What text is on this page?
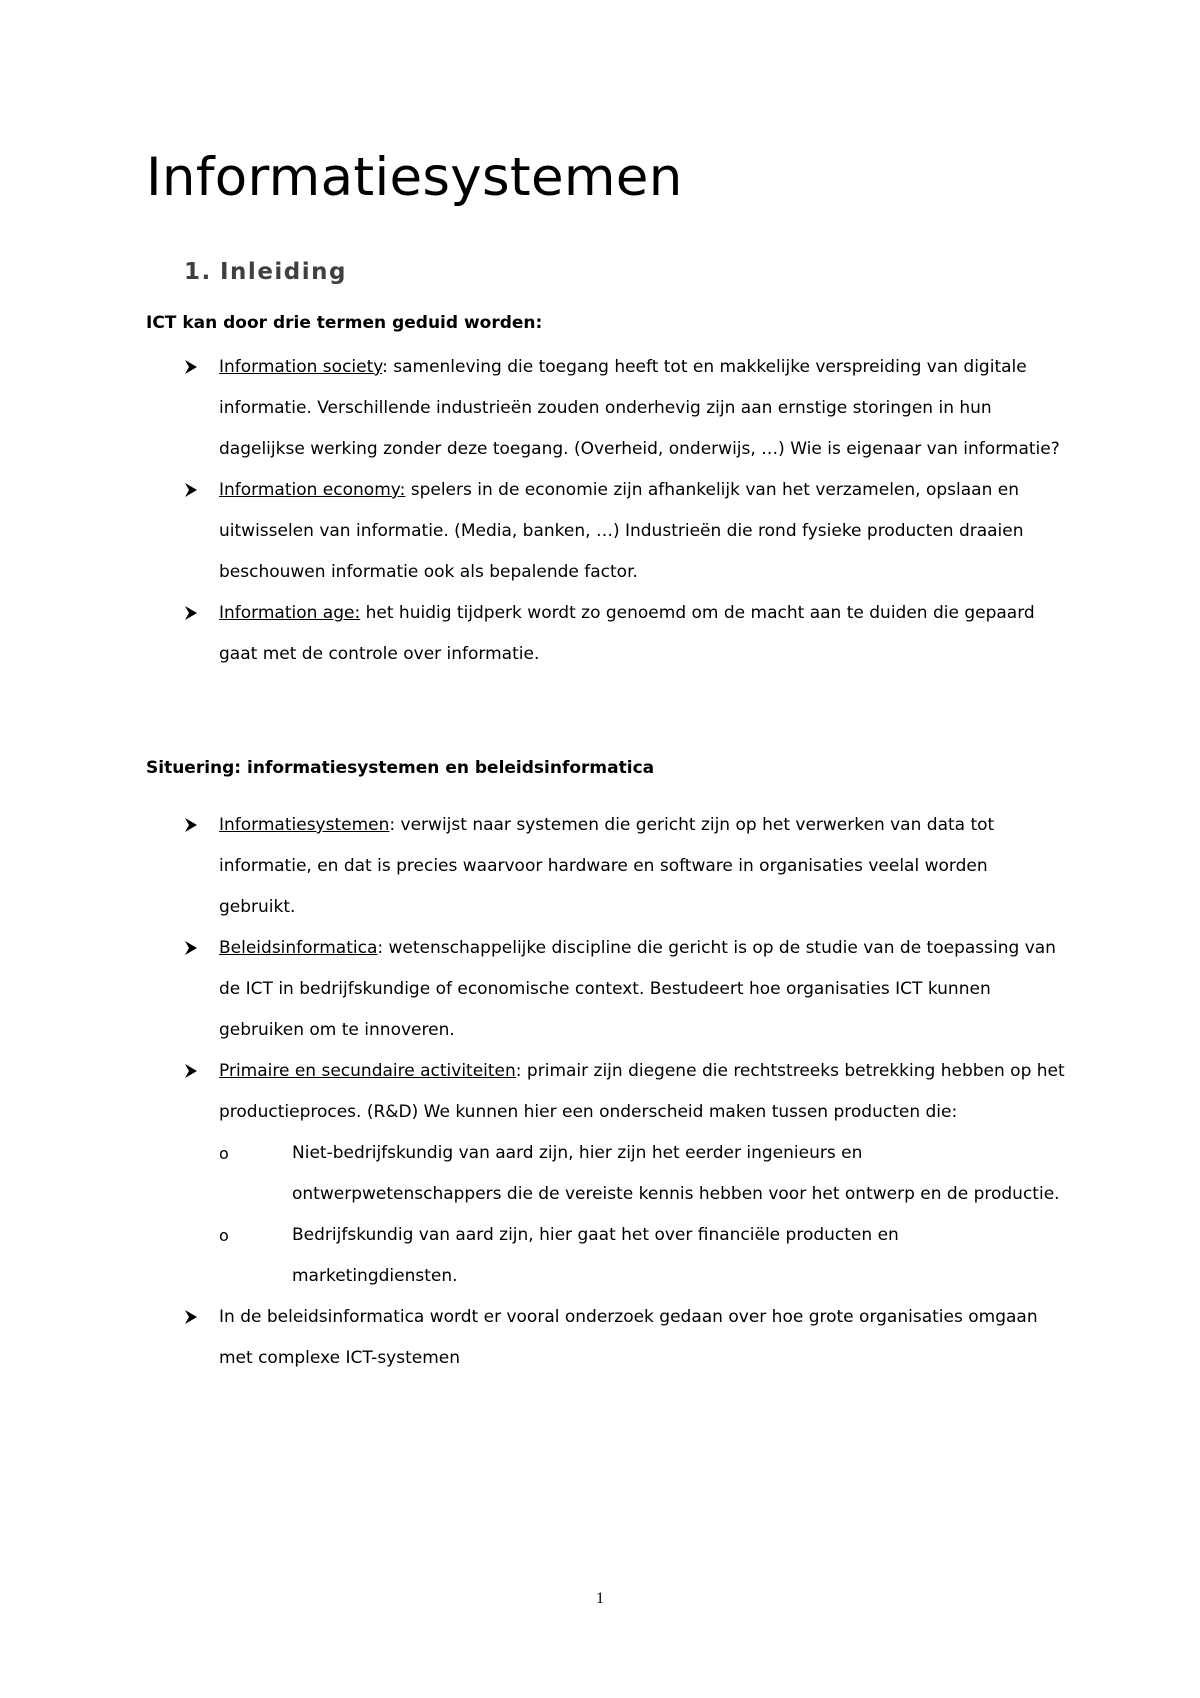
Informatiesystemen
1. Inleiding

ICT kan door drie termen geduid worden:

Information society: samenleving die toegang heeft tot en makkelijke verspreiding van digitale informatie. Verschillende industrieën zouden onderhevig zijn aan ernstige storingen in hun dagelijkse werking zonder deze toegang. (Overheid, onderwijs, …) Wie is eigenaar van informatie?
Information economy: spelers in de economie zijn afhankelijk van het verzamelen, opslaan en uitwisselen van informatie. (Media, banken, …) Industrieën die rond fysieke producten draaien beschouwen informatie ook als bepalende factor.
Information age: het huidig tijdperk wordt zo genoemd om de macht aan te duiden die gepaard gaat met de controle over informatie.

Situering: informatiesystemen en beleidsinformatica

Informatiesystemen: verwijst naar systemen die gericht zijn op het verwerken van data tot informatie, en dat is precies waarvoor hardware en software in organisaties veelal worden gebruikt.
Beleidsinformatica: wetenschappelijke discipline die gericht is op de studie van de toepassing van de ICT in bedrijfskundige of economische context. Bestudeert hoe organisaties ICT kunnen gebruiken om te innoveren.
Primaire en secundaire activiteiten: primair zijn diegene die rechtstreeks betrekking hebben op het productieproces. (R&D) We kunnen hier een onderscheid maken tussen producten die:
o	Niet-bedrijfskundig van aard zijn, hier zijn het eerder ingenieurs en ontwerpwetenschappers die de vereiste kennis hebben voor het ontwerp en de productie.
o	Bedrijfskundig van aard zijn, hier gaat het over financiële producten en marketingdiensten.
In de beleidsinformatica wordt er vooral onderzoek gedaan over hoe grote organisaties omgaan met complexe ICT-systemen
1
